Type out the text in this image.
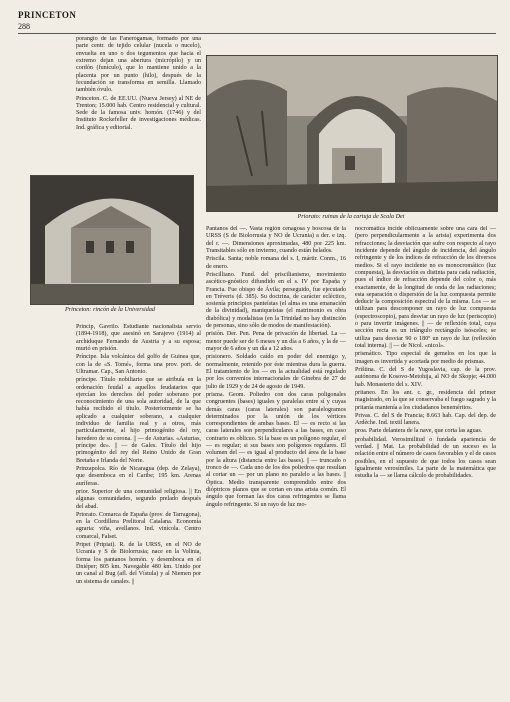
PRINCETON
288
Priorato: ruinas de la cartuja de Scala Dei
Princeton: rincón de la Universidad

porangio de las Fanerógamas, formado por una parte centr. de tejido celular (nucela o nucelo), envuelta en uno o dos tegumentos que hacia el extremo dejan una abertura (micrópilo) y un cordón (funículo), que lo mantiene unido a la placenta por un punto (hilo), después de la fecundación se transforma en semilla. Llamado también óvulo.

Princeton. C. de EE.UU. (Nueva Jersey) al NE de Trenton; 15.000 hab. Centro residencial y cultural. Sede de la famosa univ. homón. (1746) y del Instituto Rockefeller de investigaciones médicas. Ind. gráfica y editorial.

Princip, Gavrilo. Estudiante nacionalista servio (1894-1918), que asesinó en Sarajevo (1914) al archiduque Fernando de Austria y a su esposa; murió en prisión.

Príncipe. Isla volcánica del golfo de Guinea que, con la de «S. Tomé», forma una prov. port. de Ultramar. Cap., San Antonio.

príncipe. Título nobiliario que se atribuía en la ordenación feudal a aquellos feudatarios que ejercían los derechos del poder soberano por reconocimiento de una sola autoridad, de la que había recibido el título. Posteriormente se ha aplicado a cualquier soberano, a cualquier individuo de familia real y a otros, más particularmente, al hijo primogénito del rey, heredero de su corona. || — de Asturias. «Asturias, príncipe de». || — de Gales. Título del hijo primogénito del rey del Reino Unido de Gran Bretaña e Irlanda del Norte.

Prinzapolca. Río de Nicaragua (dep. de Zelaya), que desemboca en el Caribe; 195 km. Arenas auríferas.

prior. Superior de una comunidad religiosa. || En algunas comunidades, segundo prelado después del abad.

Priorato. Comarca de España (prov. de Tarragona), en la Cordillera Prelitoral Catalana. Economía agraria: viña, avellanos. Ind. vinícola. Centro comarcal, Falset.

Pripet (Pripiat). R. de la URSS, en el NO de Ucrania y S de Biolorrusia; nace en la Volinia, forma los pantanos homón. y desemboca en el Dniéper; 805 km. Navegable 480 km. Unido por un canal al Bug (afl. del Vístula) y al Niemen por un sistema de canales. ||

Pantanos del —. Vasta región cenagosa y boscosa de la URSS (S de Biolorrusia y NO de Ucrania) a der. e izq. del r. —. Dimensiones aproximadas, 480 por 225 km. Transitables sólo en invierno, cuando están helados.

Priscila. Santa; noble romana del s. I, mártir. Conm., 16 de enero.

Priscilliano. Fund. del priscilianismo, movimiento ascético-gnóstico difundido en el s. IV por España y Francia. Fue obispo de Ávila; perseguido, fue ejecutado en Tréveris (d. 385). Su doctrina, de carácter ecléctico, sostenía principios panteístas (el alma es una emanación de la divinidad), maniqueístas (el matrimonio es obra diabólica) y modalistas (en la Trinidad no hay distinción de personas, sino sólo de modos de manifestación).

prisión. Der. Pen. Pena de privación de libertad. La — menor puede ser de 6 meses y un día a 6 años, y la de — mayor de 6 años y un día a 12 años.

prisionero. Soldado caído en poder del enemigo y, normalmente, retenido por éste mientras dura la guerra. El tratamiento de los — en la actualidad está regulado por los convenios internacionales de Ginebra de 27 de julio de 1929 y de 24 de agosto de 1949.

prisma. Geom. Poliedro con dos caras poligonales congruentes (bases) iguales y paralelas entre sí y cuyas demás caras (caras laterales) son paralelogramos determinados por la unión de los vértices correspondientes de ambas bases. El — es recto si las caras laterales son perpendiculares a las bases, en caso contrario es oblicuo. Si la base es un polígono regular, el — es regular; si sus bases son polígonos regulares. El volumen del — es igual al producto del área de la base por la altura (distancia entre las bases). || — truncado o tronco de —. Cada uno de los dos poliedros que resultan al cortar un — por un plano no paralelo a las bases. || Óptica. Medio transparente comprendido entre dos dióptricos planos que se cortan en una arista común. El ángulo que forman las dos caras refringentes se llama ángulo refringente. Si un rayo de luz mo-

nocromática incide oblicuamente sobre una cara del — (pero perpendicularmente a la arista) experimenta dos refracciones; la desviación que sufre con respecto al rayo incidente depende del ángulo de incidencia, del ángulo refringente y de los índices de refracción de los diversos medios. Si el rayo incidente no es monocromático (luz compuesta), la desviación es distinta para cada radiación, pues el índice de refracción depende del color o, más exactamente, de la longitud de onda de las radiaciones; esta separación o dispersión de la luz compuesta permite deducir la composición espectral de la misma. Los — se utilizan para descomponer un rayo de luz compuesta (espectroscopio), para desviar un rayo de luz (periscopio) o para invertir imágenes. || — de reflexión total, cuya sección recta es un triángulo rectángulo isósceles; se utiliza para desviar 90 o 180º un rayo de luz (reflexión total interna). || — de Nicol. «nicol».

prismático. Tipo especial de gemelos en los que la imagen es invertida y acortada por medio de prismas.

Priština. C. del S de Yugoslavia, cap. de la prov. autónoma de Kosovo-Metohija, al NO de Skopje; 44.000 hab. Monasterio del s. XIV.

pritaneo. En los ant. c. gr., residencia del primer magistrado, en la que se conservaba el fuego sagrado y la pritanía mantenía a los ciudadanos beneméritos.

Privas. C. del S de Francia; 8.663 hab. Cap. del dep. de Ardèche. Ind. textil lanera.

proa. Parte delantera de la nave, que corta las aguas.

probabilidad. Verosimilitud o fundada apariencia de verdad. || Mat. La probabilidad de un suceso es la relación entre el número de casos favorables y el de casos posibles, en el supuesto de que todos los casos sean igualmente verosímiles. La parte de la matemática que estudia la — se llama cálculo de probabilidades.
